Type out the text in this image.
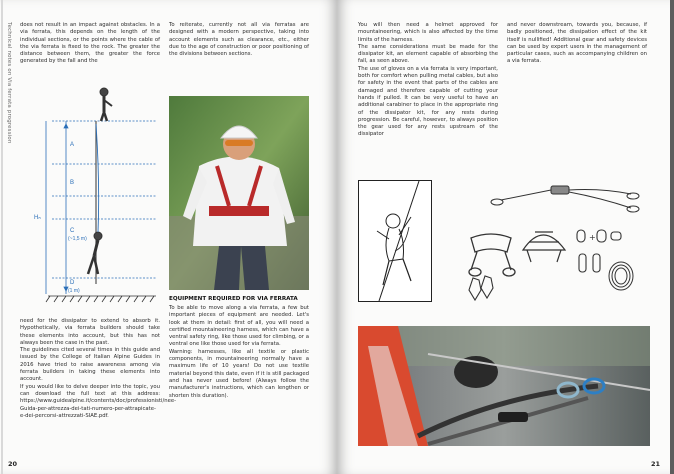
Technical notes on Via ferrata progression does not result in an impact against obstacles. In a via ferrata, this depends on the length of the individual sections, or the points where the cable of the via ferrata is fixed to the rock. The greater the distance between them, the greater the force generated by the fall and the

A
B
C
(~1,5 m)
D
(1 m)
Hₙ

need for the dissipator to extend to absorb it. Hypothetically, via ferrata builders should take these elements into account, but this has not always been the case in the past.

The guidelines cited several times in this guide and issued by the College of Italian Alpine Guides in 2016 have tried to raise awareness among via ferrata builders in taking these elements into account.

If you would like to delve deeper into the topic, you can download the full text at this address: https://www.guidealpine.it/contents/doc/professionisti/nee-Guida-per-attrezza-dei-tati-numero-per-attrapicate-e-dei-percorsi-attrezzati-SIAE.pdf.

To reiterate, currently not all via ferratas are designed with a modern perspective, taking into account elements such as clearance, etc., either due to the age of construction or poor positioning of the divisions between sections.

EQUIPMENT REQUIRED FOR VIA FERRATA

To be able to move along a via ferrata, a few but important pieces of equipment are needed. Let's look at them in detail: first of all, you will need a certified mountaineering harness, which can have a ventral safety ring, like those used for climbing, or a ventral one like those used for via ferrata.

Warning: harnesses, like all textile or plastic components, in mountaineering normally have a maximum life of 10 years! Do not use textile material beyond this date, even if it is still packaged and has never used before! (Always follow the manufacturer's instructions, which can lengthen or shorten this duration).

20

You will then need a helmet approved for mountaineering, which is also affected by the time limits of the harness.

The same considerations must be made for the dissipator kit, an element capable of absorbing the fall, as seen above.

The use of gloves on a via ferrata is very important, both for comfort when pulling metal cables, but also for safety in the event that parts of the cables are damaged and therefore capable of cutting your hands if pulled. It can be very useful to have an additional carabiner to place in the appropriate ring of the dissipator kit, for any rests during progression. Be careful, however, to always position the gear used for any rests upstream of the dissipator

and never downstream, towards you, because, if badly positioned, the dissipation effect of the kit itself is nullified! Additional gear and safety devices can be used by expert users in the management of particular cases, such as accompanying children on a via ferrata.

+
21
